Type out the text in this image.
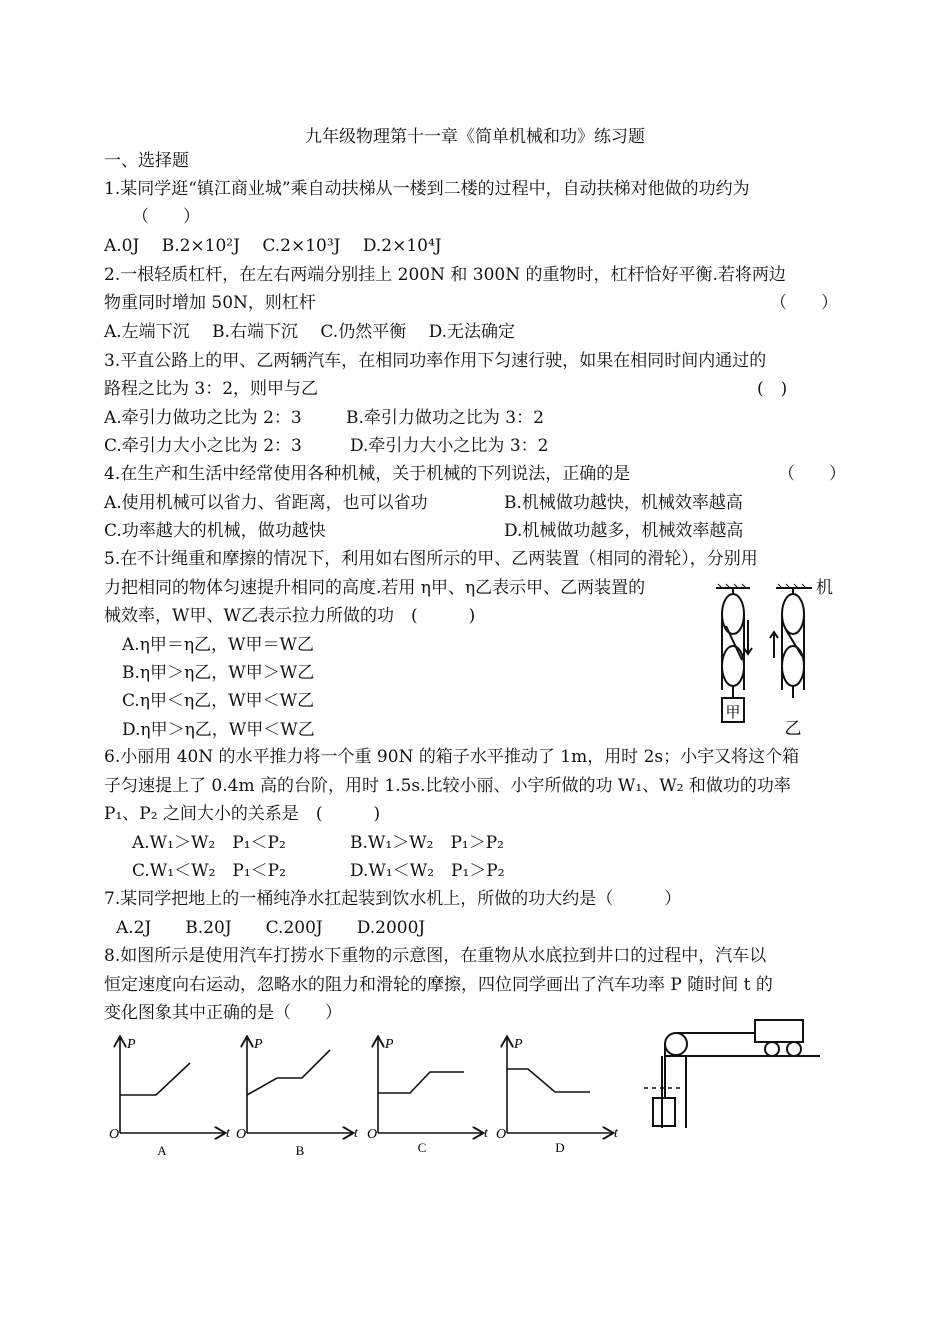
九年级物理第十一章《简单机械和功》练习题
一、选择题
1.某同学逛“镇江商业城”乘自动扶梯从一楼到二楼的过程中，自动扶梯对他做的功约为
（　　）
A.0J　 B.2×10²J　 C.2×10³J　 D.2×10⁴J
2.一根轻质杠杆，在左右两端分别挂上 200N 和 300N 的重物时，杠杆恰好平衡.若将两边
物重同时增加 50N，则杠杆	（　　）
A.左端下沉　 B.右端下沉　 C.仍然平衡　 D.无法确定
3.平直公路上的甲、乙两辆汽车，在相同功率作用下匀速行驶，如果在相同时间内通过的
路程之比为 3：2，则甲与乙	(　)
A.牵引力做功之比为 2：3	B.牵引力做功之比为 3：2
C.牵引力大小之比为 2：3	D.牵引力大小之比为 3：2
4.在生产和生活中经常使用各种机械，关于机械的下列说法，正确的是	（　　）
A.使用机械可以省力、省距离，也可以省功	B.机械做功越快，机械效率越高
C.功率越大的机械，做功越快	D.机械做功越多，机械效率越高
5.在不计绳重和摩擦的情况下，利用如右图所示的甲、乙两装置（相同的滑轮），分别用
力把相同的物体匀速提升相同的高度.若用 η甲、η乙表示甲、乙两装置的	机
械效率，W甲、W乙表示拉力所做的功　(　　　)
A.η甲＝η乙，W甲＝W乙
B.η甲＞η乙，W甲＞W乙
C.η甲＜η乙，W甲＜W乙
D.η甲＞η乙，W甲＜W乙
甲
乙
6.小丽用 40N 的水平推力将一个重 90N 的箱子水平推动了 1m，用时 2s；小宇又将这个箱
子匀速提上了 0.4m 高的台阶，用时 1.5s.比较小丽、小宇所做的功 W₁、W₂ 和做功的功率
P₁、P₂ 之间大小的关系是　(　　　)
A.W₁＞W₂　P₁＜P₂	B.W₁＞W₂　P₁＞P₂
C.W₁＜W₂　P₁＜P₂	D.W₁＜W₂　P₁＞P₂
7.某同学把地上的一桶纯净水扛起装到饮水机上，所做的功大约是（　　　）
A.2J　　B.20J　　C.200J　　D.2000J
8.如图所示是使用汽车打捞水下重物的示意图，在重物从水底拉到井口的过程中，汽车以
恒定速度向右运动，忽略水的阻力和滑轮的摩擦，四位同学画出了汽车功率 P 随时间 t 的
变化图象其中正确的是（　　）
P
t
O
P
t
O
P
t
O
P
t
O
A	B	C	D
